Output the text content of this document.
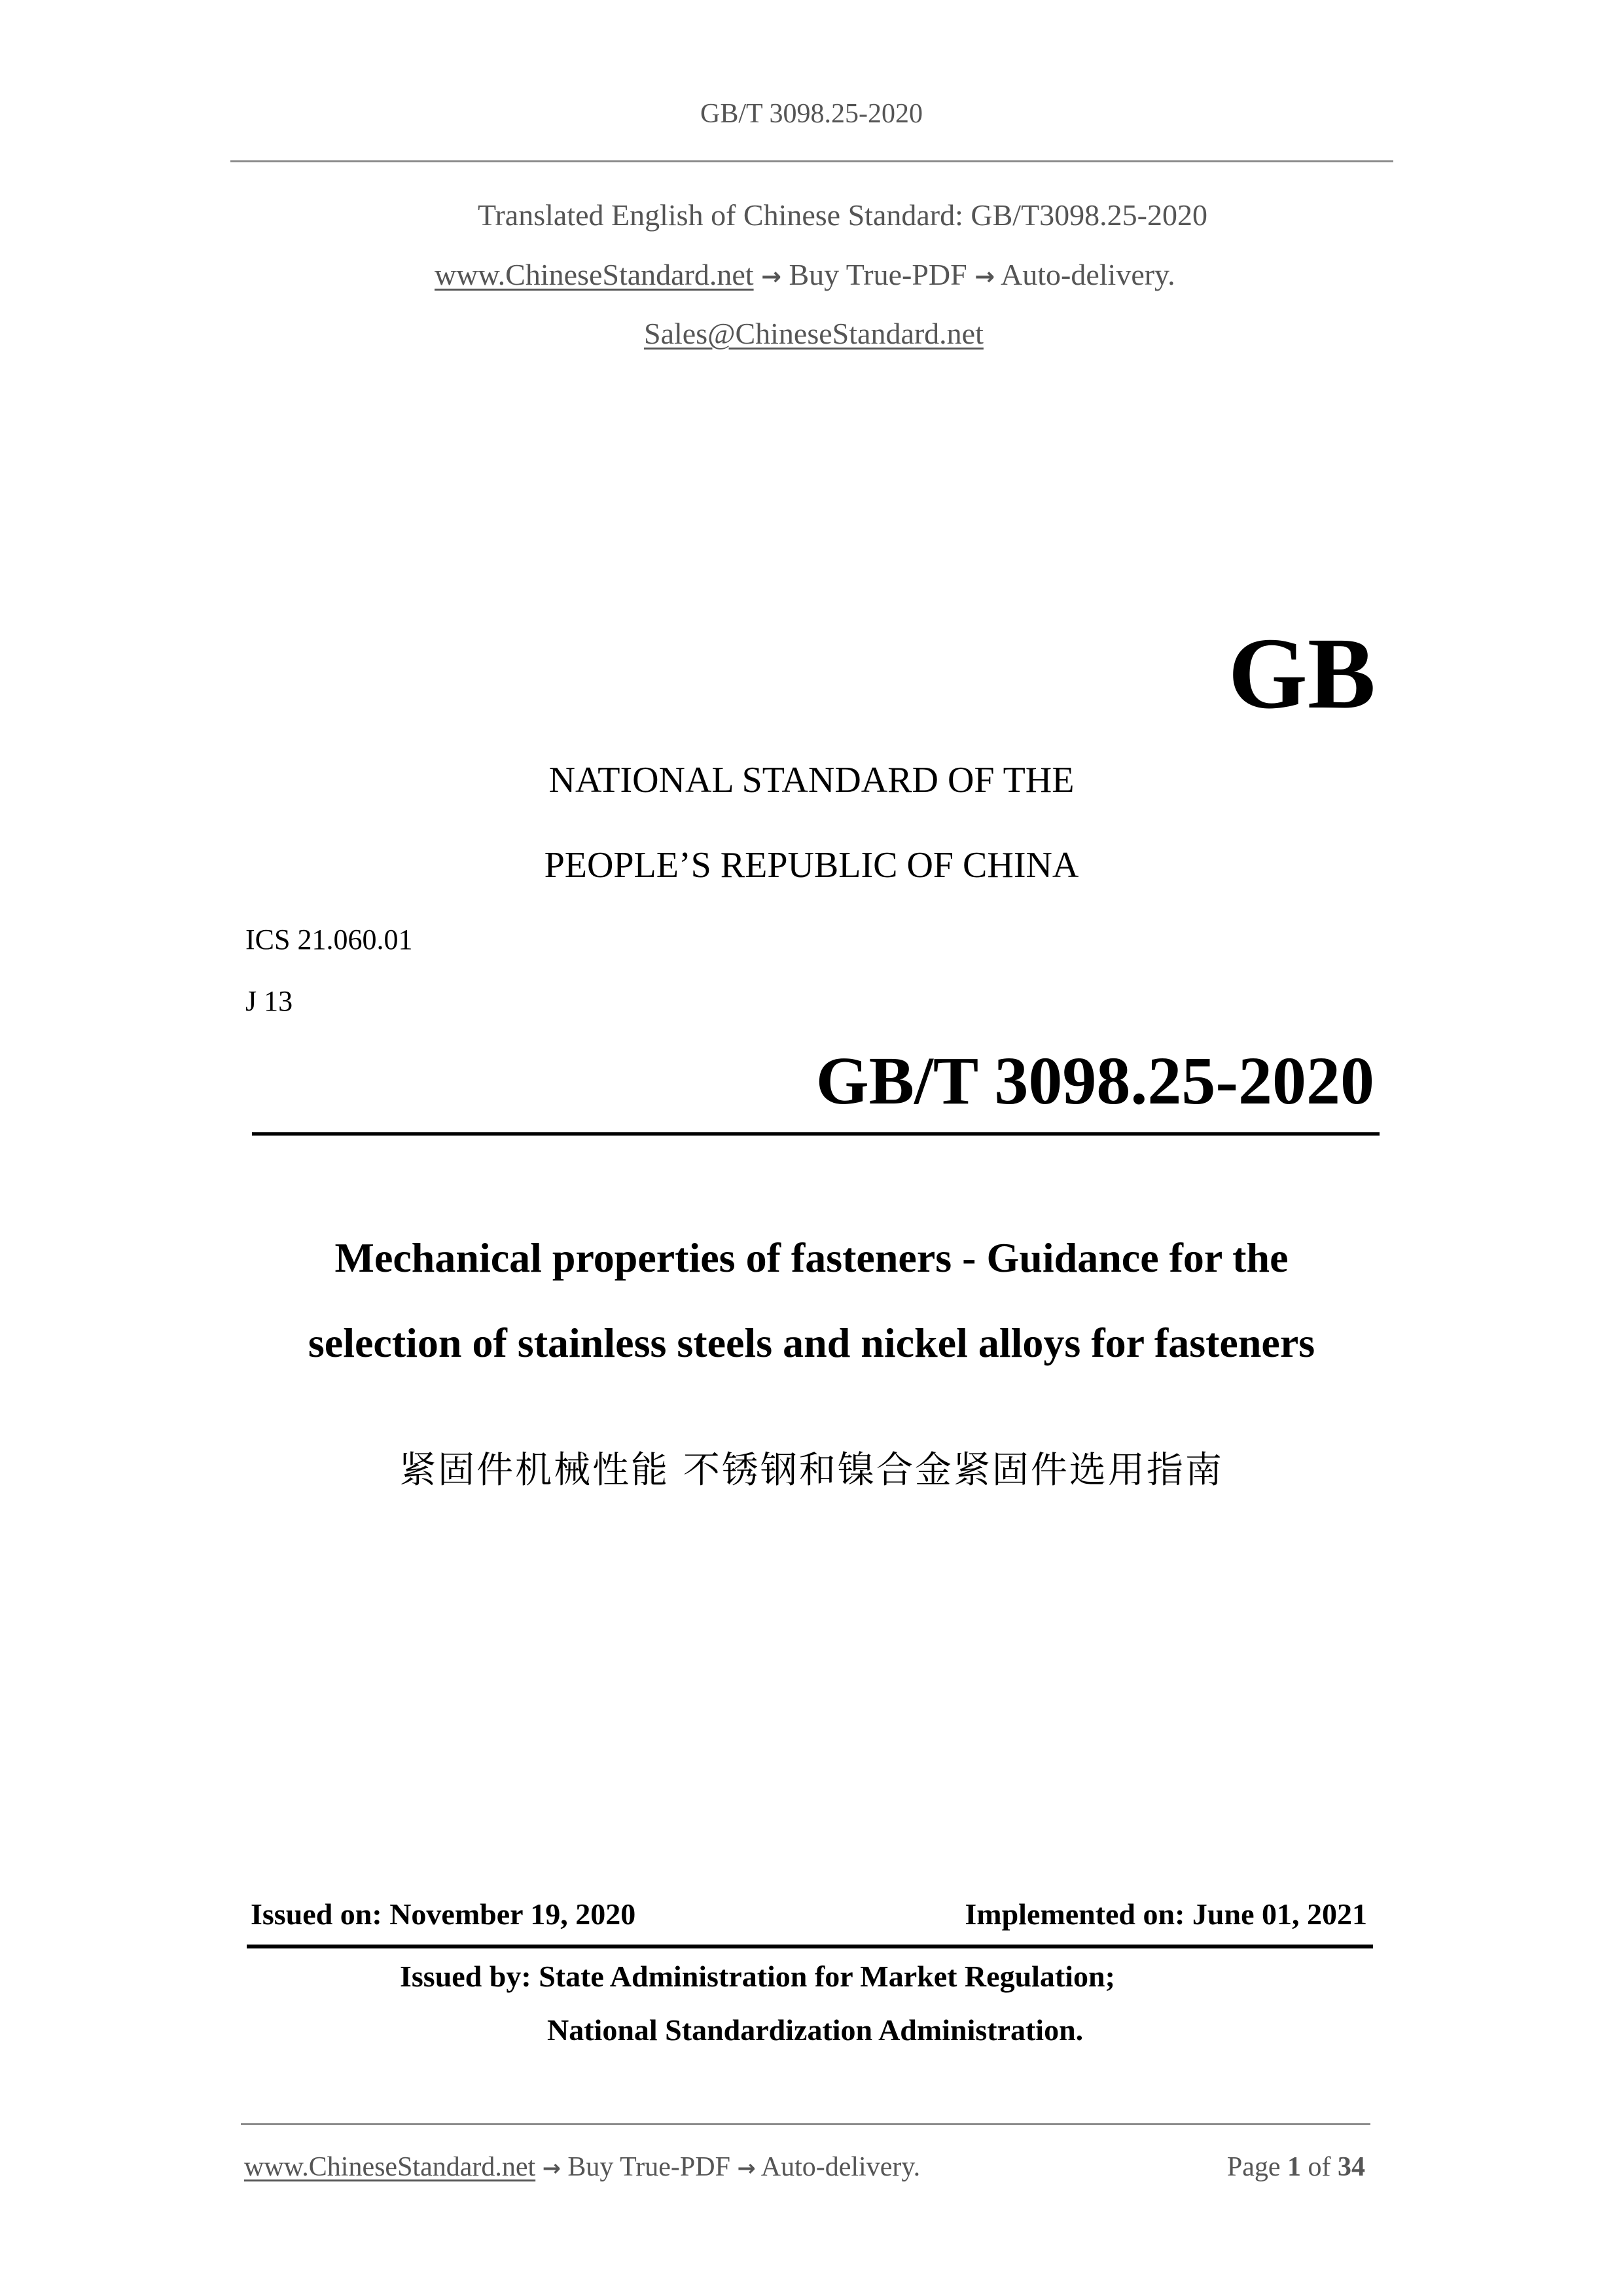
GB/T 3098.25-2020
Translated English of Chinese Standard: GB/T3098.25-2020
www.ChineseStandard.net → Buy True-PDF → Auto-delivery.
Sales@ChineseStandard.net
GB
NATIONAL STANDARD OF THE
PEOPLE’S REPUBLIC OF CHINA
ICS 21.060.01
J 13
GB/T 3098.25-2020
Mechanical properties of fasteners - Guidance for the
selection of stainless steels and nickel alloys for fasteners
紧固件机械性能 不锈钢和镍合金紧固件选用指南
Issued on: November 19, 2020	Implemented on: June 01, 2021
Issued by: State Administration for Market Regulation;
National Standardization Administration.
www.ChineseStandard.net → Buy True-PDF → Auto-delivery.	Page 1 of 34
